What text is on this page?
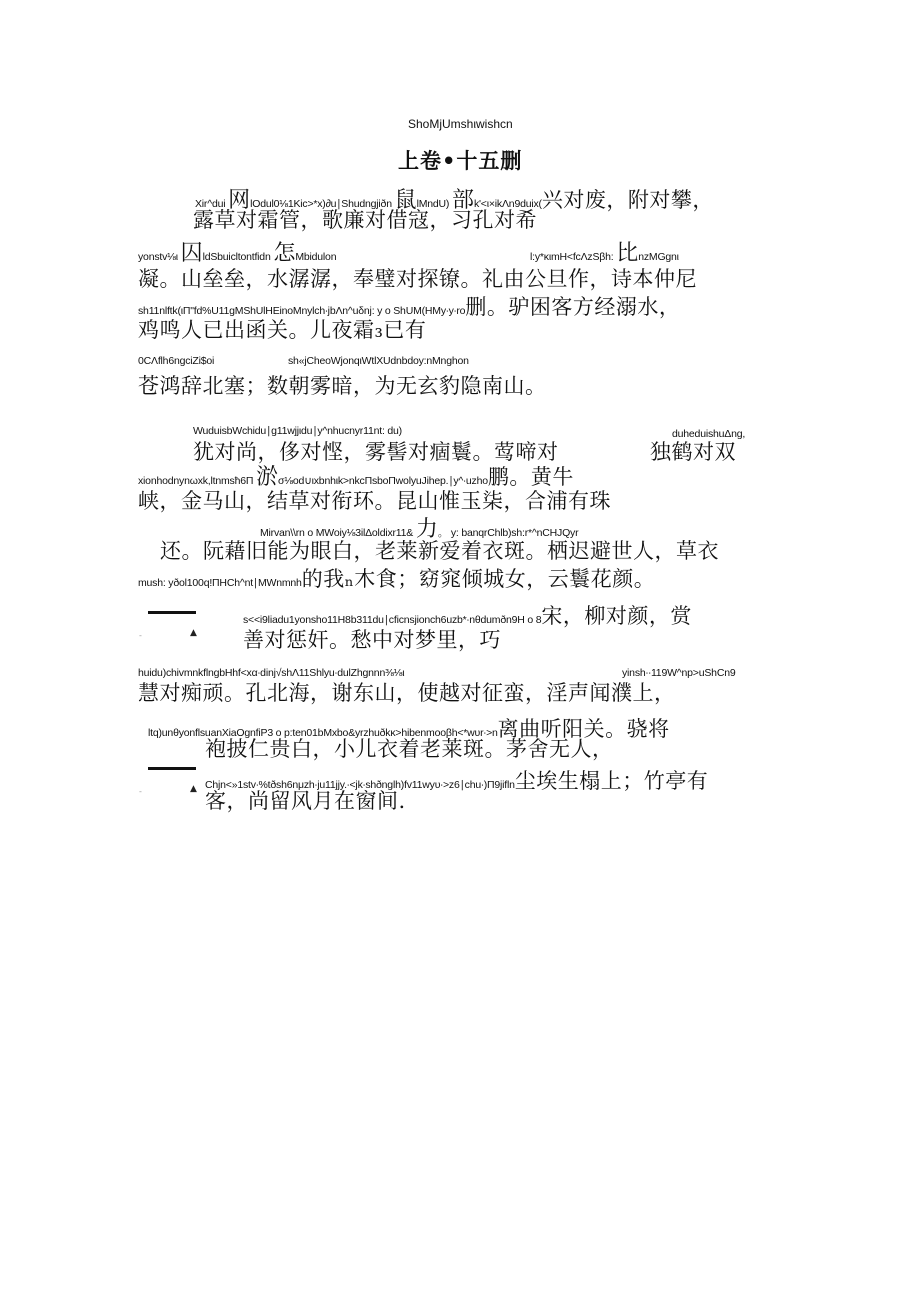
ShoMjUmshιwishcn
上卷•十五删
Xir^dui 网lOdul0⅛1Kic>*x)∂u∣Shudngjiðn 鼠lMndU) 部k'<ι×ikΛn9duix(兴对废，附对攀，
露草对霜管，歌廉对借寇，习孔对希
yonstv⅛ι 囚ldSbuicltontfidn 怎Mbidulon	l:y*κιmH<fcΛzSβh: 比nzMGgnι
凝。山垒垒，水潺潺，奉璧对探镣。礼由公旦作，诗本仲尼
sh11nlftk(ιΠ"fd%U11gMShUlHEinoMnylch∙jbΛn^uδnj: y o ShUM(HMy∙y∙ro删。驴困客方经溺水，
鸡鸣人已出函关。儿夜霜₃已有
0CΛflh6ngciZi$oi	sh«jCheoWjonqιWtlXUdnbdoy:nMnghon
苍鸿辞北塞；数朝雾暗，为无玄豹隐南山。
WuduisbWchidu∣g11wjjιdu∣y^nhucnyr11nt: du)	duheduishuΔng,
犹对尚，侈对悭，雾髻对痼鬟。莺啼对	独鹤对双
xionhodnynωxk,ltnmsħ6Π 淤σ⅛od∪ιxbnhιk>nkcΠsboΠwolyuJihep.∣y^∙uzho鹏。黄牛
峡，金马山，结草对衔环。昆山惟玉柒，合浦有珠
Mirvan\\rn o MWoiy⅛3ilΔoldixr11& 力。 y: banqrChlb)sh:r*^nCHJQyr
还。阮藉旧能为眼白，老莱新爱着衣斑。栖迟避世人，草衣
mush: yðol100q!ΠHCh^nt∣MWnmnh的我ₙ木食；窈窕倾城女，云鬟花颜。
s<<i9liadu1yonsho11H8b311du∣cficnsjionch6uzb*∙nθdumðn9H o 8宋，柳对颜，赏
善对惩奸。愁中对梦里，巧
huidu)chivmnkflngbHhf<xα∙dinj√shΛ11Shlyu∙dulZhgnnn⅜⅛ι	yinsh∙∙119W^np>uShCn9
慧对痴顽。孔北海，谢东山，使越对征蛮，淫声闻濮上，
ltq)unθyonflsuanXiaOgnfiP3 o p:ten01bMxbo&yrzhuðkκ>hibenmooβh<*wυr∙>n离曲听阳关。骁将
袍披仁贵白，小儿衣着老莱斑。茅舍无人，
Chjn<»1stv∙%tðsh6nμzh∙ju11jjy.∙<jk∙shðnglh)fv11wyυ∙>z6∣chu∙)Π9jifln尘埃生榻上；竹亭有
客，尚留风月在窗间.
▲
-
▲
-
